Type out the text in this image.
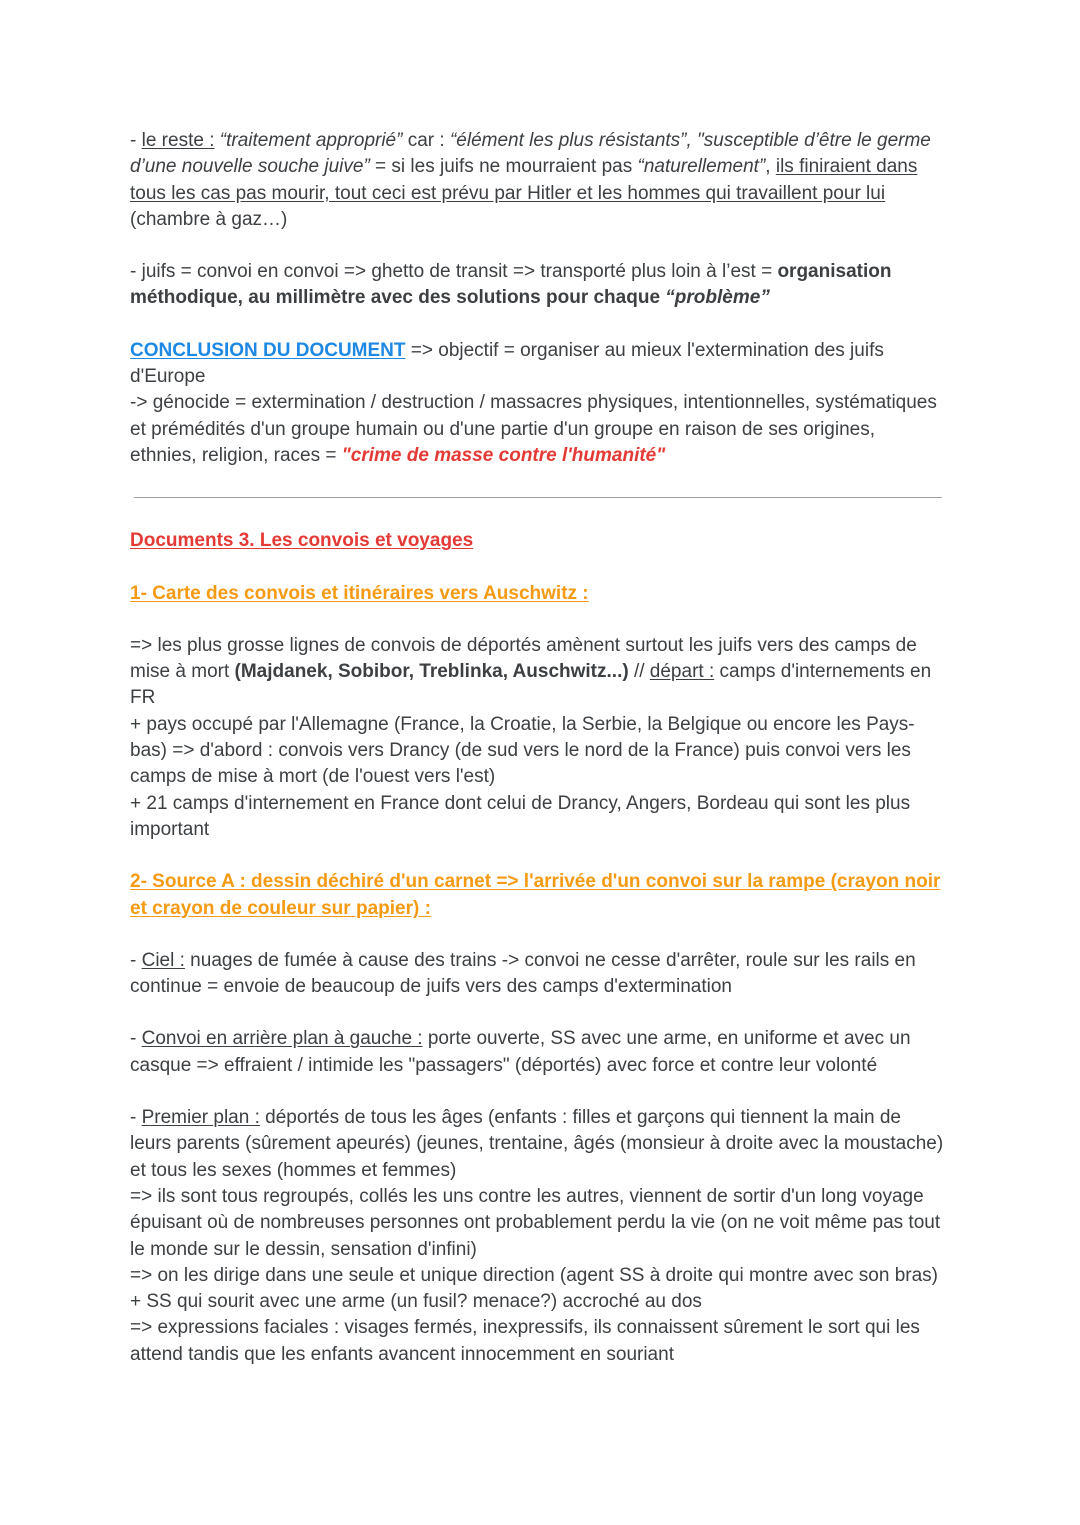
- le reste : “traitement approprié” car : “élément les plus résistants”, "susceptible d’être le germe d’une nouvelle souche juive” = si les juifs ne mourraient pas “naturellement”, ils finiraient dans tous les cas pas mourir, tout ceci est prévu par Hitler et les hommes qui travaillent pour lui (chambre à gaz…)

- juifs = convoi en convoi => ghetto de transit => transporté plus loin à l’est = organisation méthodique, au millimètre avec des solutions pour chaque “problème”

CONCLUSION DU DOCUMENT => objectif = organiser au mieux l'extermination des juifs d'Europe

-> génocide = extermination / destruction / massacres physiques, intentionnelles, systématiques et prémédités d'un groupe humain ou d'une partie d'un groupe en raison de ses origines, ethnies, religion, races = "crime de masse contre l'humanité"

Documents 3. Les convois et voyages

1- Carte des convois et itinéraires vers Auschwitz :

=> les plus grosse lignes de convois de déportés amènent surtout les juifs vers des camps de mise à mort (Majdanek, Sobibor, Treblinka, Auschwitz...) // départ : camps d'internements en FR

+ pays occupé par l'Allemagne (France, la Croatie, la Serbie, la Belgique ou encore les Pays-bas) => d'abord : convois vers Drancy (de sud vers le nord de la France) puis convoi vers les camps de mise à mort (de l'ouest vers l'est)

+ 21 camps d'internement en France dont celui de Drancy, Angers, Bordeau qui sont les plus important

2- Source A : dessin déchiré d'un carnet => l'arrivée d'un convoi sur la rampe (crayon noir et crayon de couleur sur papier) :

- Ciel : nuages de fumée à cause des trains -> convoi ne cesse d'arrêter, roule sur les rails en continue = envoie de beaucoup de juifs vers des camps d'extermination

- Convoi en arrière plan à gauche : porte ouverte, SS avec une arme, en uniforme et avec un casque => effraient / intimide les "passagers" (déportés) avec force et contre leur volonté

- Premier plan : déportés de tous les âges (enfants : filles et garçons qui tiennent la main de leurs parents (sûrement apeurés) (jeunes, trentaine, âgés (monsieur à droite avec la moustache) et tous les sexes (hommes et femmes)

=> ils sont tous regroupés, collés les uns contre les autres, viennent de sortir d'un long voyage épuisant où de nombreuses personnes ont probablement perdu la vie (on ne voit même pas tout le monde sur le dessin, sensation d'infini)

=> on les dirige dans une seule et unique direction (agent SS à droite qui montre avec son bras) + SS qui sourit avec une arme (un fusil? menace?) accroché au dos

=> expressions faciales : visages fermés, inexpressifs, ils connaissent sûrement le sort qui les attend tandis que les enfants avancent innocemment en souriant
